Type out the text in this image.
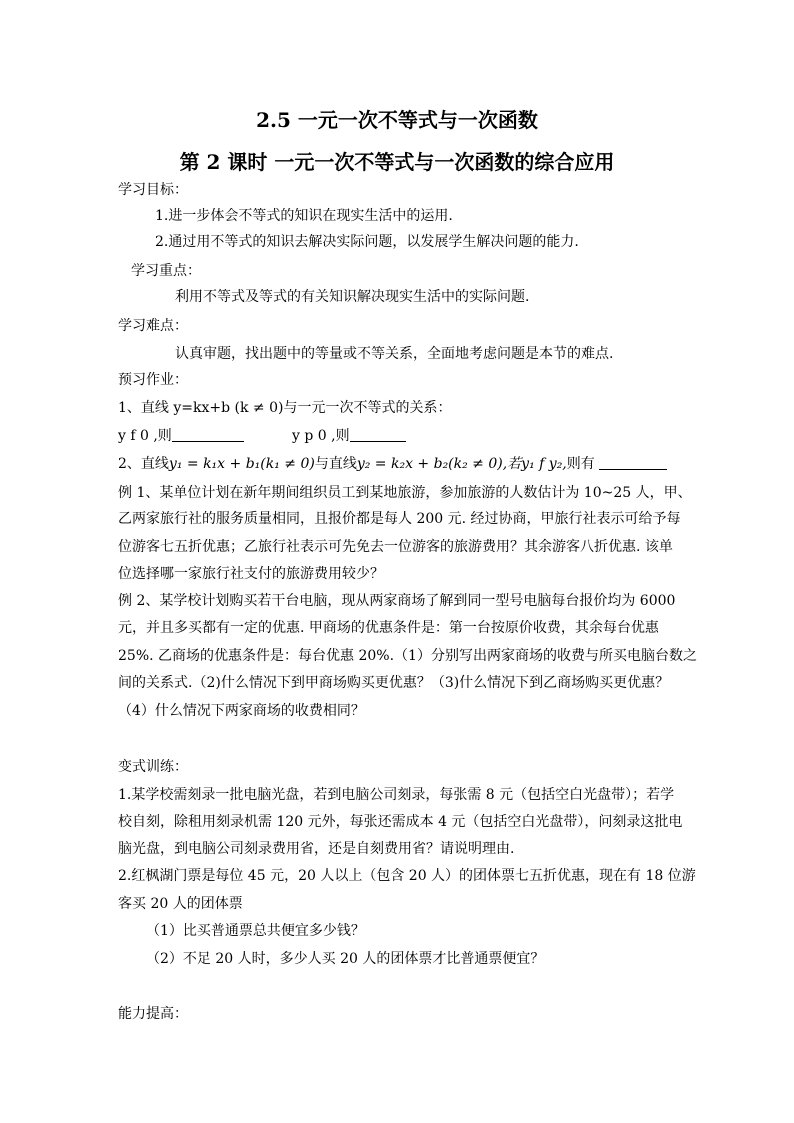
2.5 一元一次不等式与一次函数
第 2 课时 一元一次不等式与一次函数的综合应用
学习目标：
1.进一步体会不等式的知识在现实生活中的运用.
2.通过用不等式的知识去解决实际问题，以发展学生解决问题的能力.
学习重点：
利用不等式及等式的有关知识解决现实生活中的实际问题.
学习难点：
认真审题，找出题中的等量或不等关系，全面地考虑问题是本节的难点.
预习作业：
1、直线 y=kx+b (k ≠ 0)与一元一次不等式的关系：
y f 0 ,则	y p 0 ,则
2、直线y₁ = k₁x + b₁(k₁ ≠ 0)与直线y₂ = k₂x + b₂(k₂ ≠ 0),若y₁ f y₂,则有
例 1、某单位计划在新年期间组织员工到某地旅游，参加旅游的人数估计为 10~25 人，甲、
乙两家旅行社的服务质量相同，且报价都是每人 200 元. 经过协商，甲旅行社表示可给予每
位游客七五折优惠；乙旅行社表示可先免去一位游客的旅游费用？其余游客八折优惠. 该单
位选择哪一家旅行社支付的旅游费用较少？
例 2、某学校计划购买若干台电脑，现从两家商场了解到同一型号电脑每台报价均为 6000
元，并且多买都有一定的优惠. 甲商场的优惠条件是：第一台按原价收费，其余每台优惠
25%. 乙商场的优惠条件是：每台优惠 20%.（1）分别写出两家商场的收费与所买电脑台数之
间的关系式.（2)什么情况下到甲商场购买更优惠？（3)什么情况下到乙商场购买更优惠？
（4）什么情况下两家商场的收费相同？
变式训练：
1.某学校需刻录一批电脑光盘，若到电脑公司刻录，每张需 8 元（包括空白光盘带）；若学
校自刻，除租用刻录机需 120 元外，每张还需成本 4 元（包括空白光盘带），问刻录这批电
脑光盘，到电脑公司刻录费用省，还是自刻费用省？请说明理由.
2.红枫湖门票是每位 45 元，20 人以上（包含 20 人）的团体票七五折优惠，现在有 18 位游
客买 20 人的团体票
（1）比买普通票总共便宜多少钱？
（2）不足 20 人时，多少人买 20 人的团体票才比普通票便宜？
能力提高：
